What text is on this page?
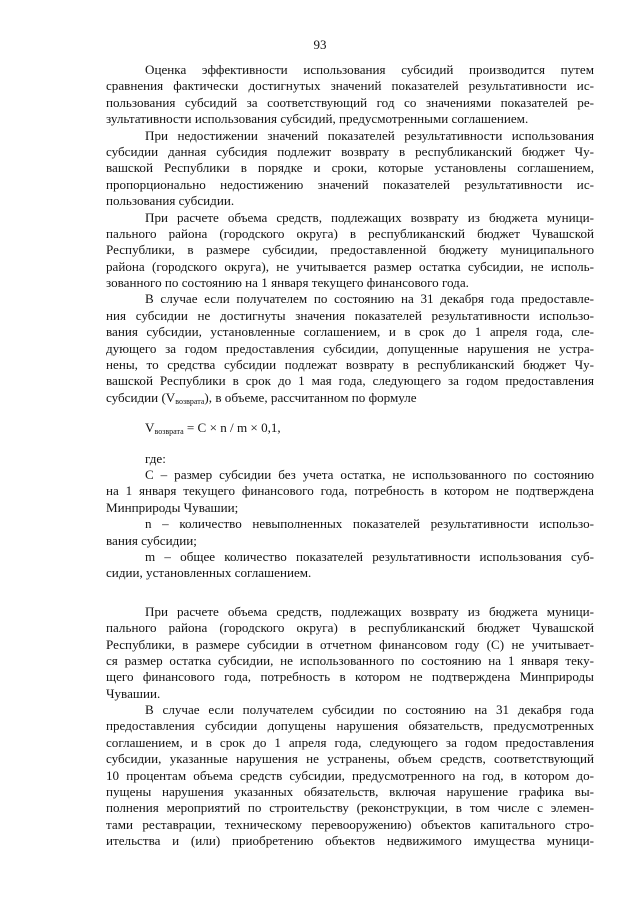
93
Оценка эффективности использования субсидий производится путем
сравнения фактически достигнутых значений показателей результативности ис-
пользования субсидий за соответствующий год со значениями показателей ре-
зультативности использования субсидий, предусмотренными соглашением.
При недостижении значений показателей результативности использования
субсидии данная субсидия подлежит возврату в республиканский бюджет Чу-
вашской Республики в порядке и сроки, которые установлены соглашением,
пропорционально недостижению значений показателей результативности ис-
пользования субсидии.
При расчете объема средств, подлежащих возврату из бюджета муници-
пального района (городского округа) в республиканский бюджет Чувашской
Республики, в размере субсидии, предоставленной бюджету муниципального
района (городского округа), не учитывается размер остатка субсидии, не исполь-
зованного по состоянию на 1 января текущего финансового года.
В случае если получателем по состоянию на 31 декабря года предоставле-
ния субсидии не достигнуты значения показателей результативности использо-
вания субсидии, установленные соглашением, и в срок до 1 апреля года, сле-
дующего за годом предоставления субсидии, допущенные нарушения не устра-
нены, то средства субсидии подлежат возврату в республиканский бюджет Чу-
вашской Республики в срок до 1 мая года, следующего за годом предоставления
субсидии $(V_{возврата})$, в объеме, рассчитанном по формуле
$V_{возврата} = C \times n / m \times 0,1$,
где:
C – размер субсидии без учета остатка, не использованного по состоянию
на 1 января текущего финансового года, потребность в котором не подтверждена
Минприроды Чувашии;
n – количество невыполненных показателей результативности использо-
вания субсидии;
m – общее количество показателей результативности использования суб-
сидии, установленных соглашением.
При расчете объема средств, подлежащих возврату из бюджета муници-
пального района (городского округа) в республиканский бюджет Чувашской
Республики, в размере субсидии в отчетном финансовом году (C) не учитывает-
ся размер остатка субсидии, не использованного по состоянию на 1 января теку-
щего финансового года, потребность в котором не подтверждена Минприроды
Чувашии.
В случае если получателем субсидии по состоянию на 31 декабря года
предоставления субсидии допущены нарушения обязательств, предусмотренных
соглашением, и в срок до 1 апреля года, следующего за годом предоставления
субсидии, указанные нарушения не устранены, объем средств, соответствующий
10 процентам объема средств субсидии, предусмотренного на год, в котором до-
пущены нарушения указанных обязательств, включая нарушение графика вы-
полнения мероприятий по строительству (реконструкции, в том числе с элемен-
тами реставрации, техническому перевооружению) объектов капитального стро-
ительства и (или) приобретению объектов недвижимого имущества муници-
